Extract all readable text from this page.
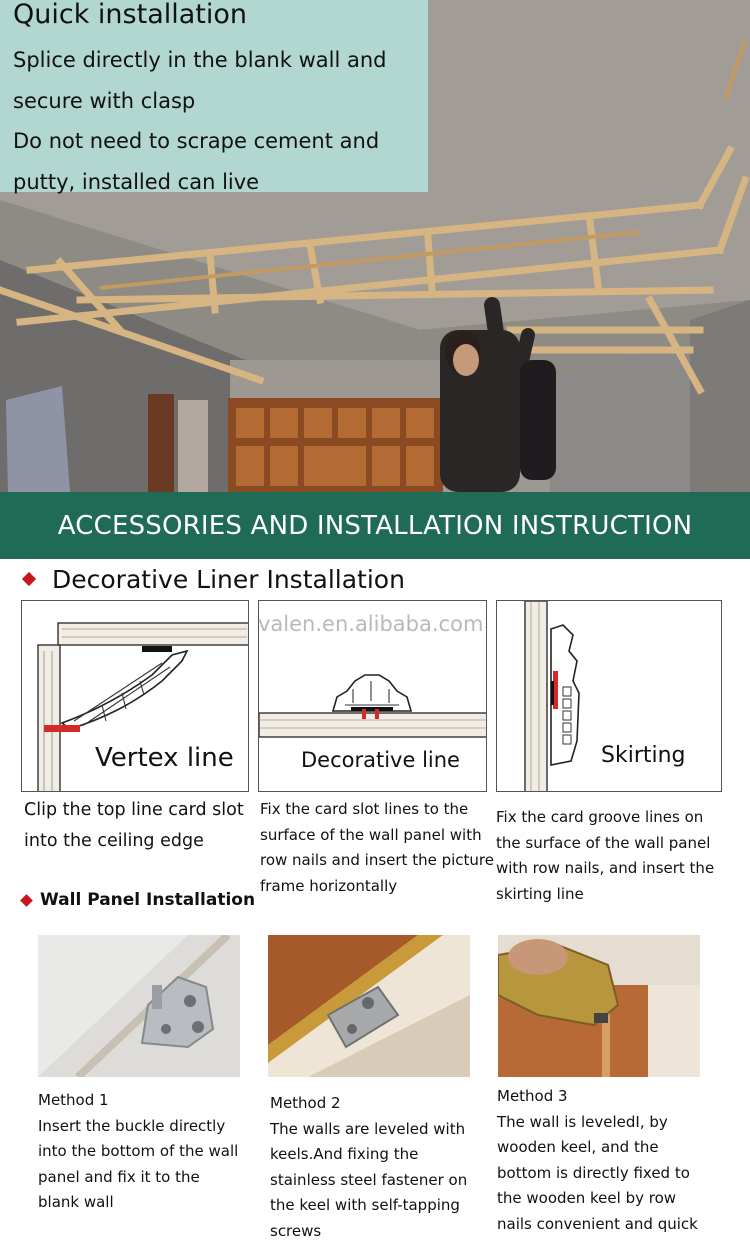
Quick installation
Splice directly in the blank wall and
secure with clasp
Do not need to scrape cement and
putty, installed can live
ACCESSORIES AND INSTALLATION INSTRUCTION
Decorative Liner Installation
Vertex line	Decorative line	Skirting
valen.en.alibaba.com
Clip the top line card slot
into the ceiling edge
Fix the card slot lines to the
surface of the wall panel with
row nails and insert the picture
frame horizontally
Fix the card groove lines on
the surface of the wall panel
with row nails, and insert the
skirting line
Wall Panel Installation
Method 1
Insert the buckle directly
into the bottom of the wall
panel and fix it to the
blank wall
Method 2
The walls are leveled with
keels.And fixing the
stainless steel fastener on
the keel with self-tapping
screws
Method 3
The wall is leveledI, by
wooden keel, and the
bottom is directly fixed to
the wooden keel by row
nails convenient and quick
